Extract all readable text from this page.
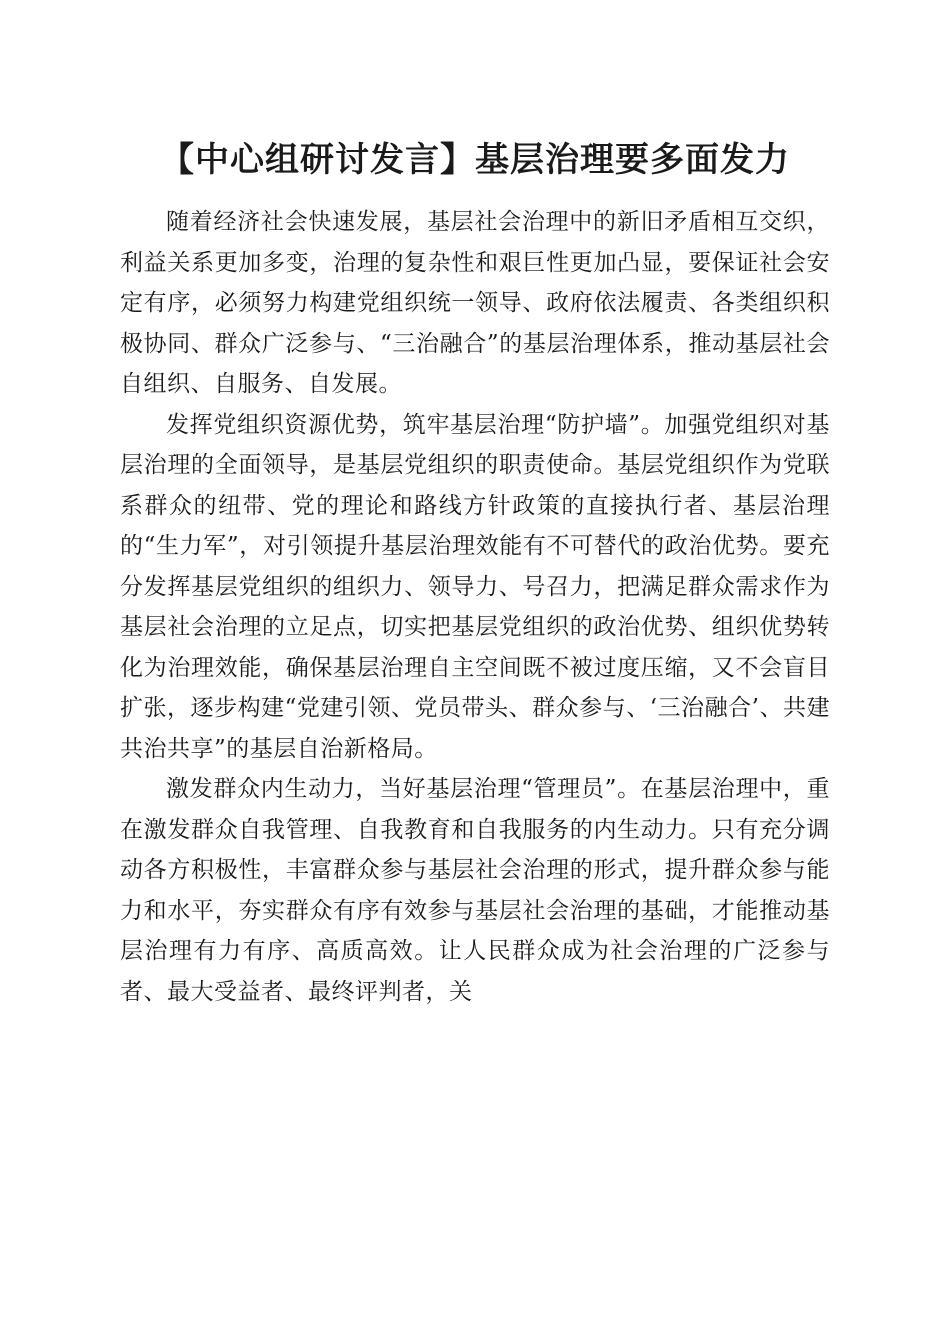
【中心组研讨发言】基层治理要多面发力

随着经济社会快速发展，基层社会治理中的新旧矛盾相互交织，利益关系更加多变，治理的复杂性和艰巨性更加凸显，要保证社会安定有序，必须努力构建党组织统一领导、政府依法履责、各类组织积极协同、群众广泛参与、“三治融合”的基层治理体系，推动基层社会自组织、自服务、自发展。

发挥党组织资源优势，筑牢基层治理“防护墙”。加强党组织对基层治理的全面领导，是基层党组织的职责使命。基层党组织作为党联系群众的纽带、党的理论和路线方针政策的直接执行者、基层治理的“生力军”，对引领提升基层治理效能有不可替代的政治优势。要充分发挥基层党组织的组织力、领导力、号召力，把满足群众需求作为基层社会治理的立足点，切实把基层党组织的政治优势、组织优势转化为治理效能，确保基层治理自主空间既不被过度压缩，又不会盲目扩张，逐步构建“党建引领、党员带头、群众参与、‘三治融合’、共建共治共享”的基层自治新格局。

激发群众内生动力，当好基层治理“管理员”。在基层治理中，重在激发群众自我管理、自我教育和自我服务的内生动力。只有充分调动各方积极性，丰富群众参与基层社会治理的形式，提升群众参与能力和水平，夯实群众有序有效参与基层社会治理的基础，才能推动基层治理有力有序、高质高效。让人民群众成为社会治理的广泛参与者、最大受益者、最终评判者，关
